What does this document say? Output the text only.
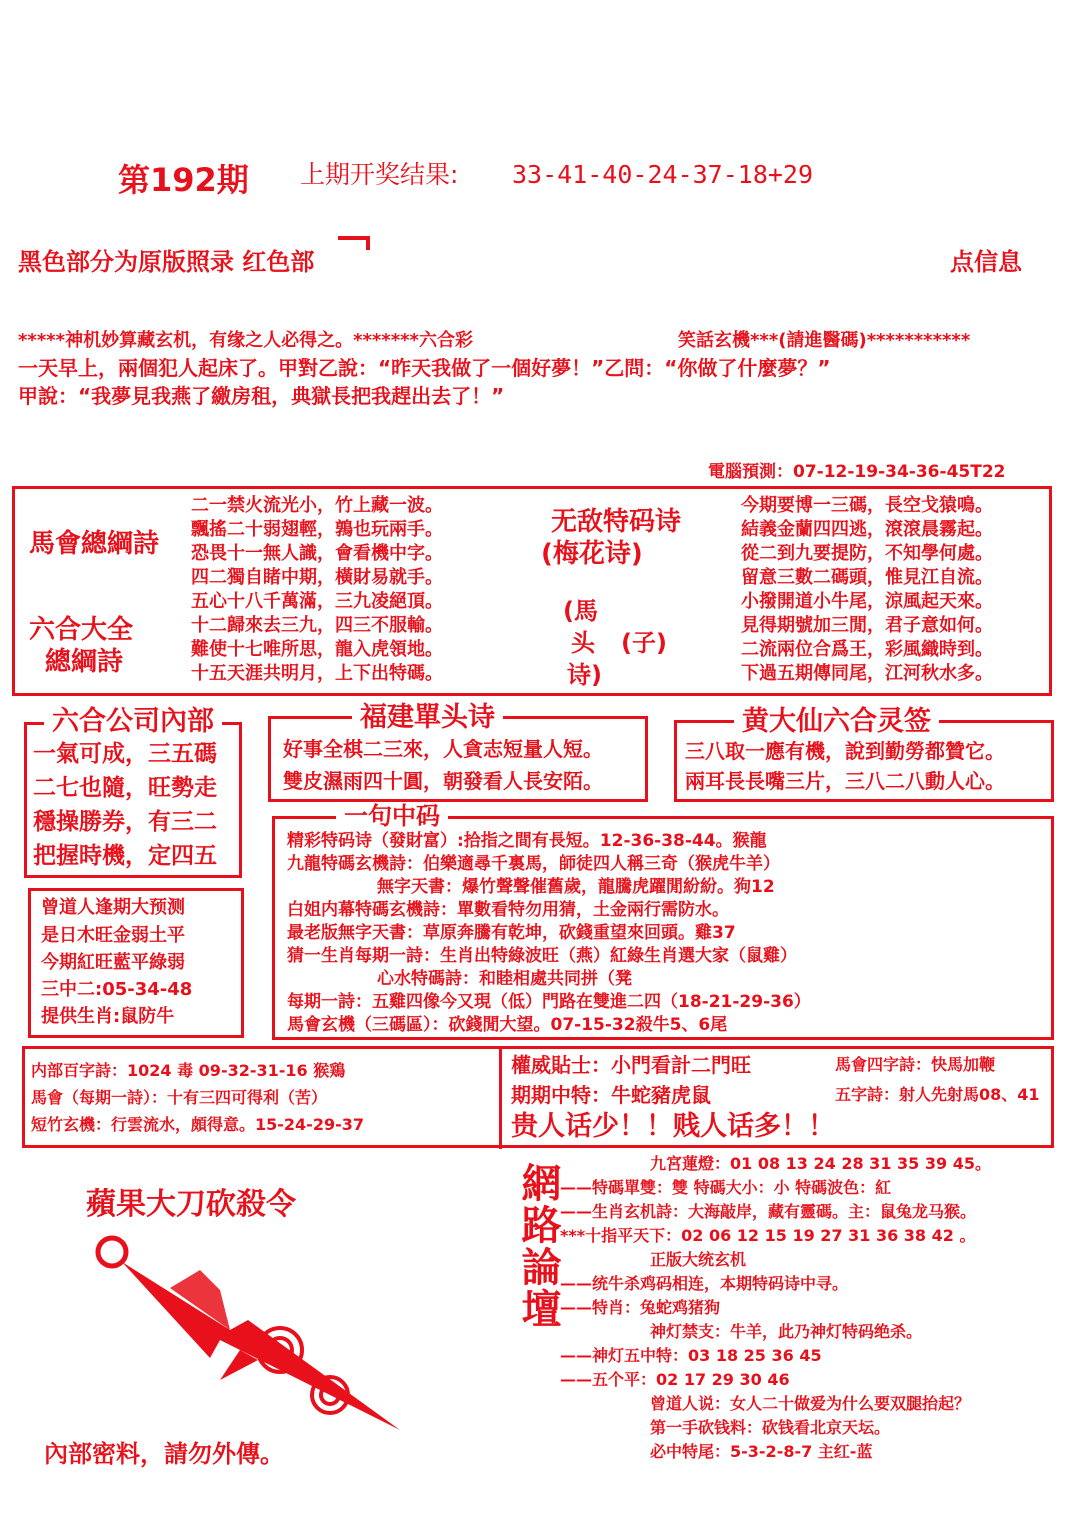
第192期 上期开奖结果: 33-41-40-24-37-18+29
黑色部分为原版照录 红色部	点信息
*****神机妙算藏玄机，有缘之人必得之。*******六合彩	笑話玄機***(請進醫碼)***********
一天早上，兩個犯人起床了。甲對乙說：“昨天我做了一個好夢！”乙問：“你做了什麼夢？”
甲說：“我夢見我燕了繳房租，典獄長把我趕出去了！”
電腦預測：07-12-19-34-36-45T22
馬會總綱詩
六合大全
總綱詩
二一禁火流光小，竹上藏一波。
飄搖二十弱翅輕，鶉也玩兩手。
恐畏十一無人識，會看機中字。
四二獨自睹中期，橫財易就手。
五心十八千萬滿，三九凌絕頂。
十二歸來去三九，四三不服輸。
難使十七唯所思，龍入虎領地。
十五天涯共明月，上下出特碼。
无敌特码诗
(梅花诗)
(馬
头
诗)
(子)
今期要博一三碼，長空戈猿鳴。
結義金蘭四四逃，滾滾晨霧起。
從二到九要提防，不知學何處。
留意三數二碼頭，惟見江自流。
小撥開道小牛尾，涼風起天來。
見得期號加三閒，君子意如何。
二流兩位合爲王，彩風織時到。
下過五期傳同尾，江河秋水多。
一氣可成，三五碼
二七也隨，旺勢走
穩操勝券，有三二
把握時機，定四五
六合公司內部
好事全棋二三來，人貪志短量人短。
雙皮濕雨四十圓，朝發看人長安陌。
福建單头诗
三八取一應有機，說到勤勞都贊它。
兩耳長長嘴三片，三八二八動人心。
黄大仙六合灵签
精彩特码诗（發財富）:拾指之間有長短。12-36-38-44。猴龍
九龍特碼玄機詩：伯樂適尋千裏馬，師徒四人稱三奇（猴虎牛羊）
無字天書：爆竹聲聲催舊歲，龍騰虎躍閒紛紛。狗12
白姐内幕特碼玄機詩：單數看特勿用猜，土金兩行需防水。
最老版無字天書：草原奔騰有乾坤，砍錢重望來回頭。雞37
猜一生肖每期一詩：生肖出特綠波旺（燕）紅綠生肖選大家（鼠雞）
心水特碼詩：和睦相處共同拼（凳
每期一詩：五雞四像今又現（低）門路在雙進二四（18-21-29-36）
馬會玄機（三碼區）：砍錢閒大望。07-15-32殺牛5、6尾
一句中码
曾道人逢期大预测
是日木旺金弱土平
今期紅旺藍平綠弱
三中二:05-34-48
提供生肖:鼠防牛
内部百字詩：1024 毒 09-32-31-16 猴鶏
馬會（每期一詩）：十有三四可得利（苦）
短竹玄機：行雲流水，頗得意。15-24-29-37
權威貼士：小門看計二門旺	馬會四字詩：快馬加鞭
期期中特：牛蛇豬虎鼠	五字詩：射人先射馬08、41
贵人话少！！贱人话多！！
蘋果大刀砍殺令
內部密料，請勿外傳。
網路論壇	九宮蓮燈：01 08 13 24 28 31 35 39 45。
——特碼單雙：雙 特碼大小：小 特碼波色：紅
——生肖玄机詩：大海敲岸，藏有靈碼。主：鼠兔龙马猴。
***十指平天下：02 06 12 15 19 27 31 36 38 42 。
正版大统玄机
——统牛杀鸡码相连，本期特码诗中寻。
——特肖：兔蛇鸡猪狗
神灯禁支：牛羊，此乃神灯特码绝杀。
——神灯五中特：03 18 25 36 45
——五个平：02 17 29 30 46
曾道人说：女人二十做爱为什么要双腿抬起？
第一手砍钱料：砍钱看北京天坛。
必中特尾：5-3-2-8-7 主红-蓝
